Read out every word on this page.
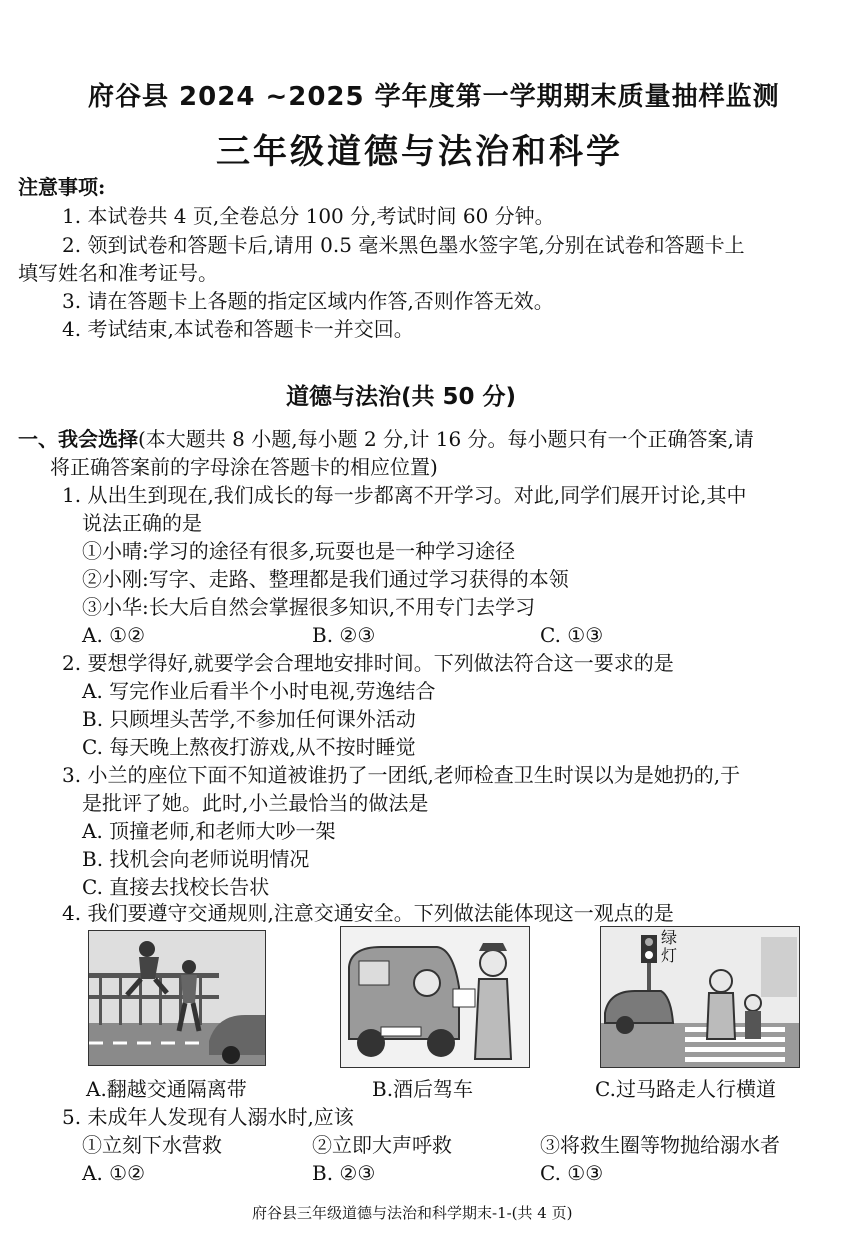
府谷县 2024 ~2025 学年度第一学期期末质量抽样监测
三年级道德与法治和科学
注意事项:
1. 本试卷共 4 页,全卷总分 100 分,考试时间 60 分钟。
2. 领到试卷和答题卡后,请用 0.5 毫米黑色墨水签字笔,分别在试卷和答题卡上
填写姓名和准考证号。
3. 请在答题卡上各题的指定区域内作答,否则作答无效。
4. 考试结束,本试卷和答题卡一并交回。
道德与法治(共 50 分)
一、我会选择(本大题共 8 小题,每小题 2 分,计 16 分。每小题只有一个正确答案,请
将正确答案前的字母涂在答题卡的相应位置)
1. 从出生到现在,我们成长的每一步都离不开学习。对此,同学们展开讨论,其中
说法正确的是
①小晴:学习的途径有很多,玩耍也是一种学习途径
②小刚:写字、走路、整理都是我们通过学习获得的本领
③小华:长大后自然会掌握很多知识,不用专门去学习
A. ①②	B. ②③	C. ①③
2. 要想学得好,就要学会合理地安排时间。下列做法符合这一要求的是
A. 写完作业后看半个小时电视,劳逸结合
B. 只顾埋头苦学,不参加任何课外活动
C. 每天晚上熬夜打游戏,从不按时睡觉
3. 小兰的座位下面不知道被谁扔了一团纸,老师检查卫生时误以为是她扔的,于
是批评了她。此时,小兰最恰当的做法是
A. 顶撞老师,和老师大吵一架
B. 找机会向老师说明情况
C. 直接去找校长告状
4. 我们要遵守交通规则,注意交通安全。下列做法能体现这一观点的是
绿灯
A.翻越交通隔离带	B.酒后驾车	C.过马路走人行横道
5. 未成年人发现有人溺水时,应该
①立刻下水营救	②立即大声呼救	③将救生圈等物抛给溺水者
A. ①②	B. ②③	C. ①③
府谷县三年级道德与法治和科学期末-1-(共 4 页)
